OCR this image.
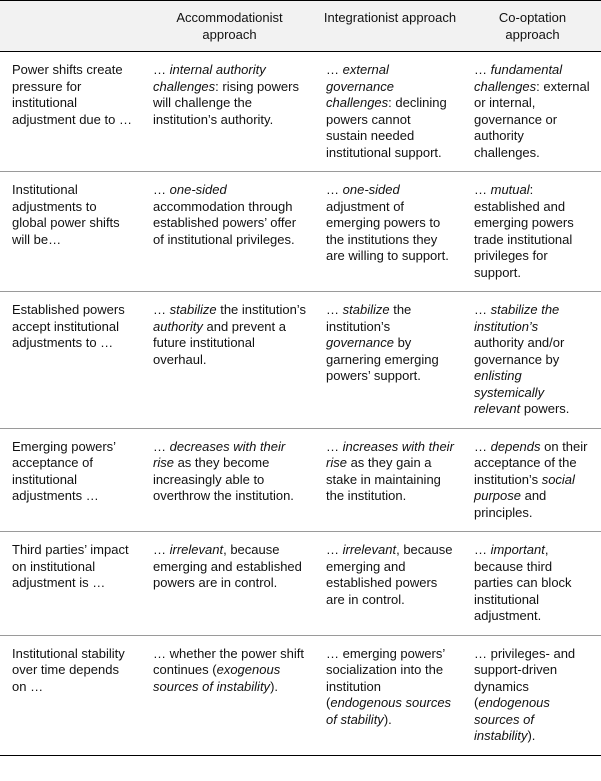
	Accommodationist approach	Integrationist approach	Co-optation approach
Power shifts create pressure for institutional adjustment due to …	… internal authority challenges: rising powers will challenge the institution’s authority.	… external governance challenges: declining powers cannot sustain needed institutional support.	… fundamental challenges: external or internal, governance or authority challenges.
Institutional adjustments to global power shifts will be…	… one-sided accommodation through established powers’ offer of institutional privileges.	… one-sided adjustment of emerging powers to the institutions they are willing to support.	… mutual: established and emerging powers trade institutional privileges for support.
Established powers accept institutional adjustments to …	… stabilize the institution’s authority and prevent a future institutional overhaul.	… stabilize the institution’s governance by garnering emerging powers’ support.	… stabilize the institution’s authority and/or governance by enlisting systemically relevant powers.
Emerging powers’ acceptance of institutional adjustments …	… decreases with their rise as they become increasingly able to overthrow the institution.	… increases with their rise as they gain a stake in maintaining the institution.	… depends on their acceptance of the institution’s social purpose and principles.
Third parties’ impact on institutional adjustment is …	… irrelevant, because emerging and established powers are in control.	… irrelevant, because emerging and established powers are in control.	… important, because third parties can block institutional adjustment.
Institutional stability over time depends on …	… whether the power shift continues (exogenous sources of instability).	… emerging powers’ socialization into the institution (endogenous sources of stability).	… privileges- and support-driven dynamics (endogenous sources of instability).
